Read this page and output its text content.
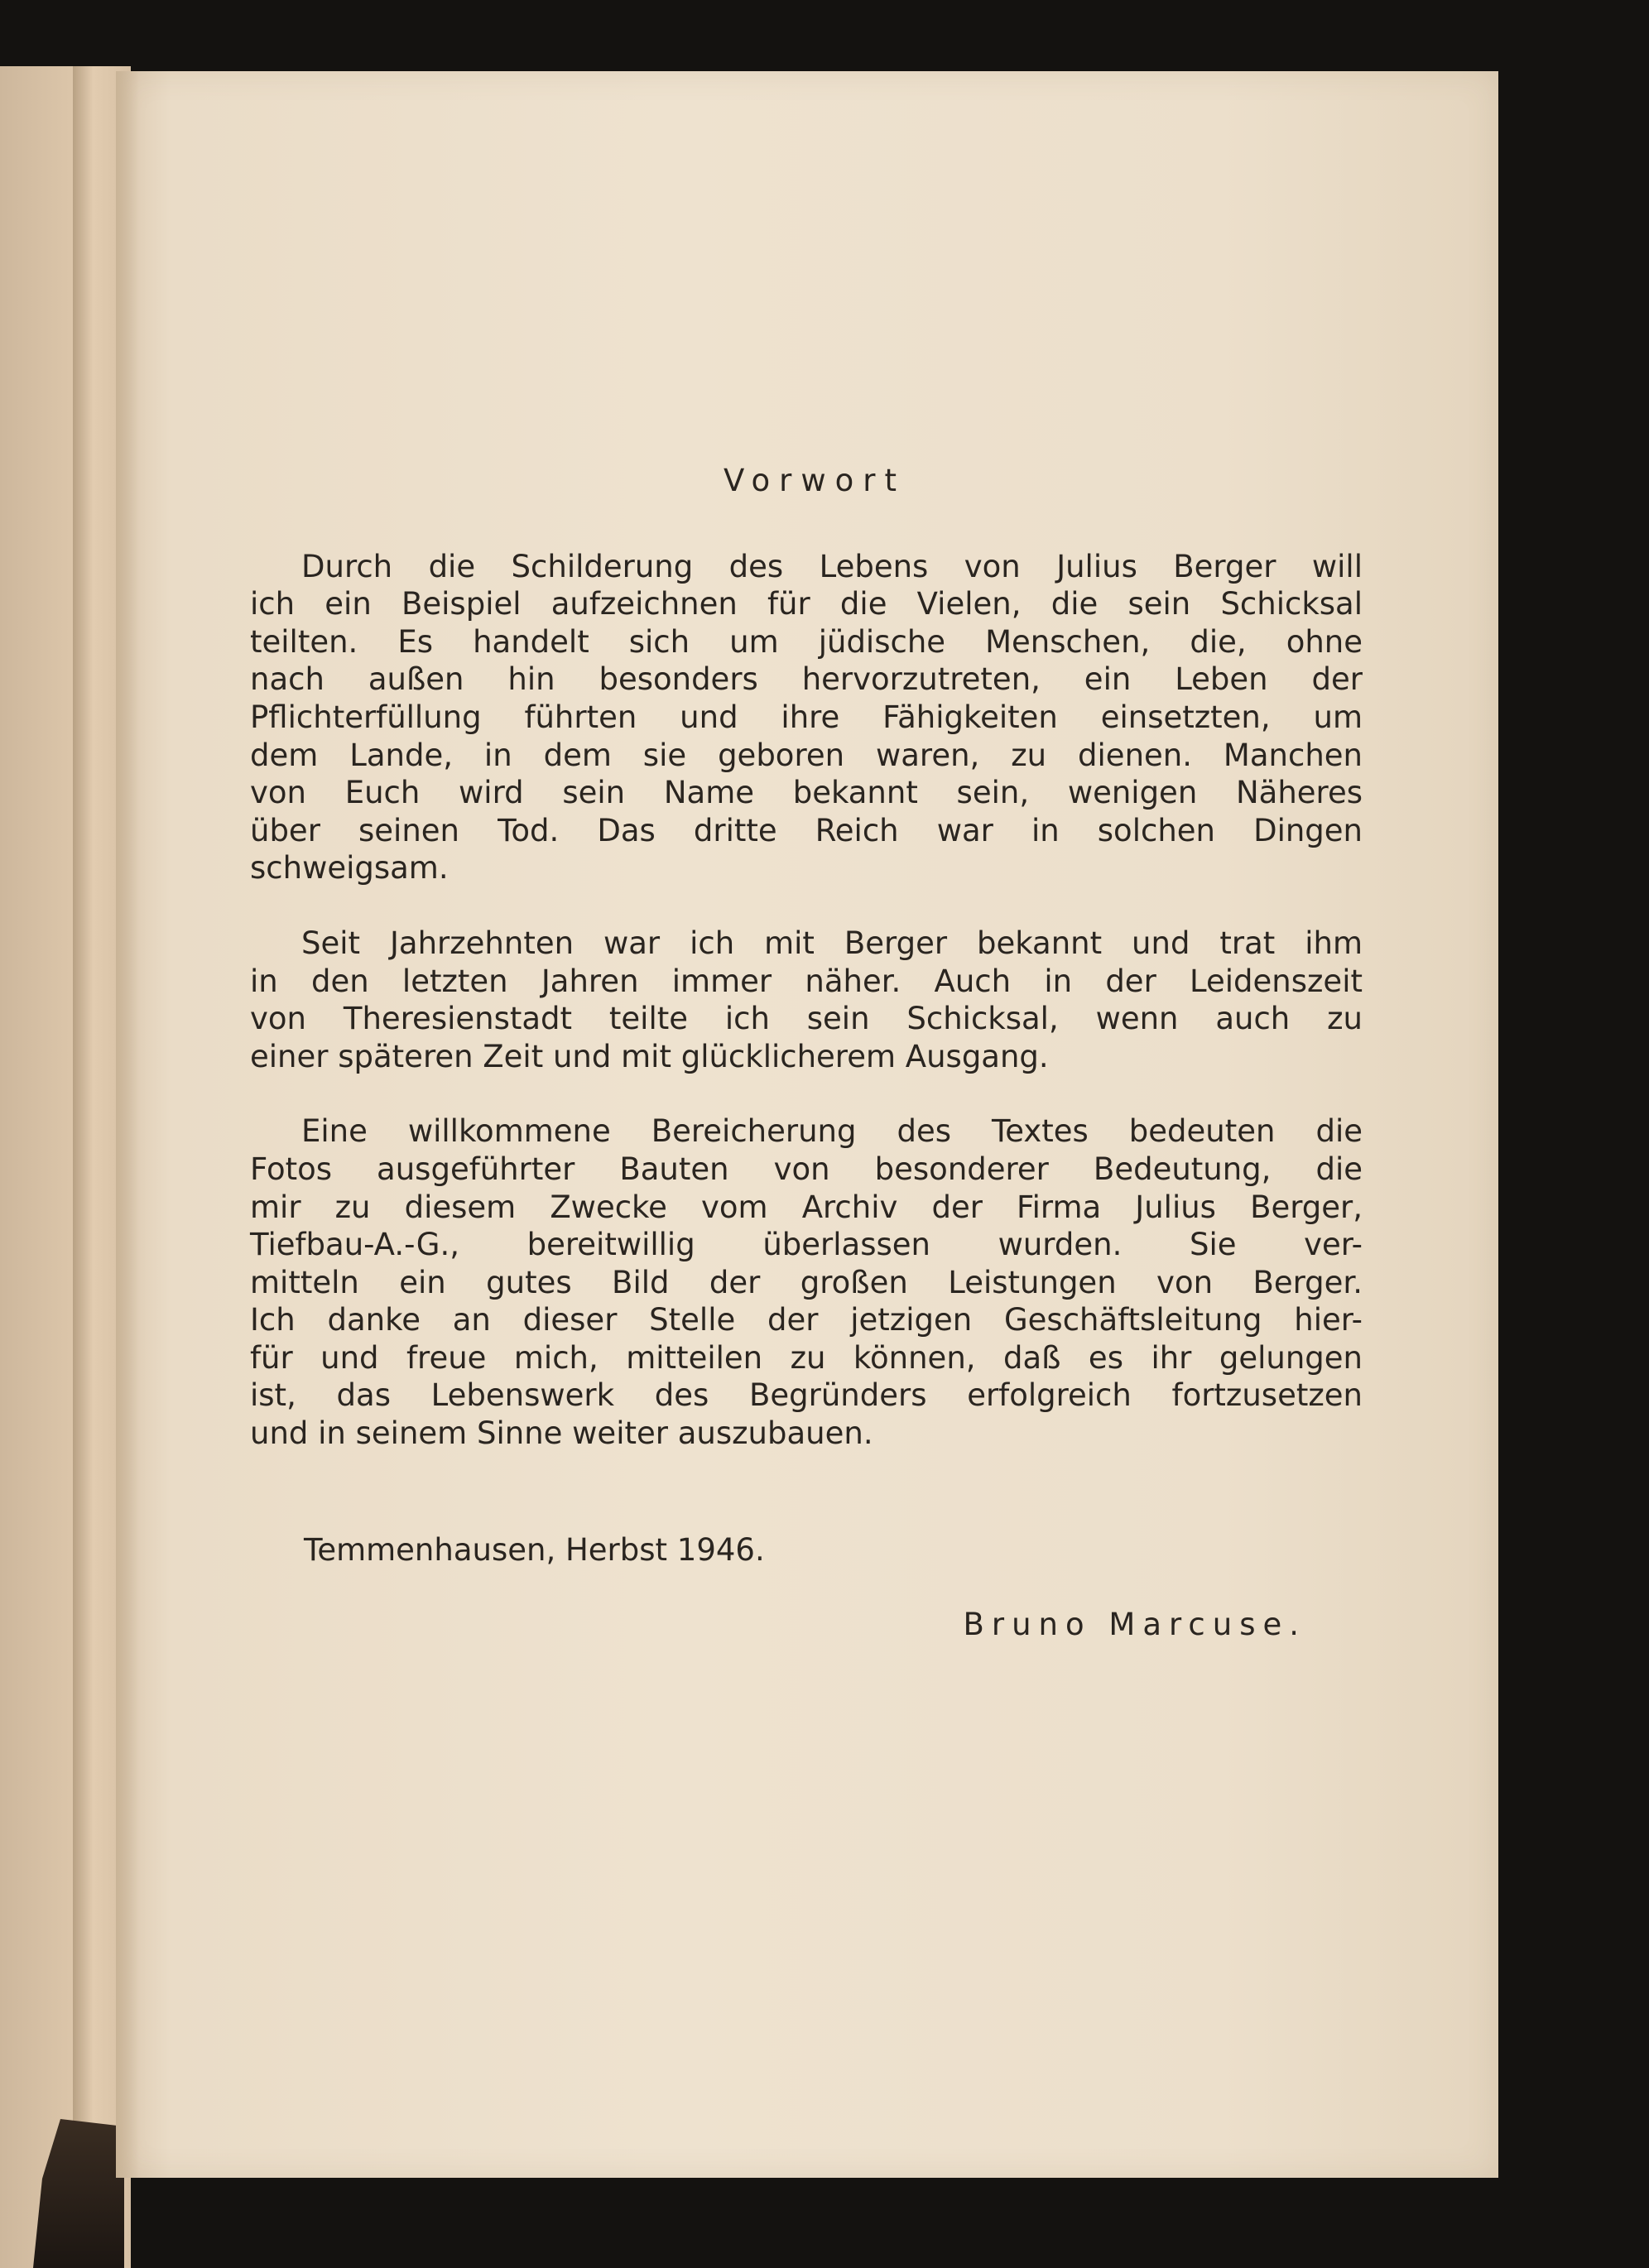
Vorwort
Durch die Schilderung des Lebens von Julius Berger will
ich ein Beispiel aufzeichnen für die Vielen, die sein Schicksal
teilten. Es handelt sich um jüdische Menschen, die, ohne
nach außen hin besonders hervorzutreten, ein Leben der
Pflichterfüllung führten und ihre Fähigkeiten einsetzten, um
dem Lande, in dem sie geboren waren, zu dienen. Manchen
von Euch wird sein Name bekannt sein, wenigen Näheres
über seinen Tod. Das dritte Reich war in solchen Dingen
schweigsam.
Seit Jahrzehnten war ich mit Berger bekannt und trat ihm
in den letzten Jahren immer näher. Auch in der Leidenszeit
von Theresienstadt teilte ich sein Schicksal, wenn auch zu
einer späteren Zeit und mit glücklicherem Ausgang.
Eine willkommene Bereicherung des Textes bedeuten die
Fotos ausgeführter Bauten von besonderer Bedeutung, die
mir zu diesem Zwecke vom Archiv der Firma Julius Berger,
Tiefbau-A.-G., bereitwillig überlassen wurden. Sie ver-
mitteln ein gutes Bild der großen Leistungen von Berger.
Ich danke an dieser Stelle der jetzigen Geschäftsleitung hier-
für und freue mich, mitteilen zu können, daß es ihr gelungen
ist, das Lebenswerk des Begründers erfolgreich fortzusetzen
und in seinem Sinne weiter auszubauen.
Temmenhausen, Herbst 1946.
Bruno Marcuse.
